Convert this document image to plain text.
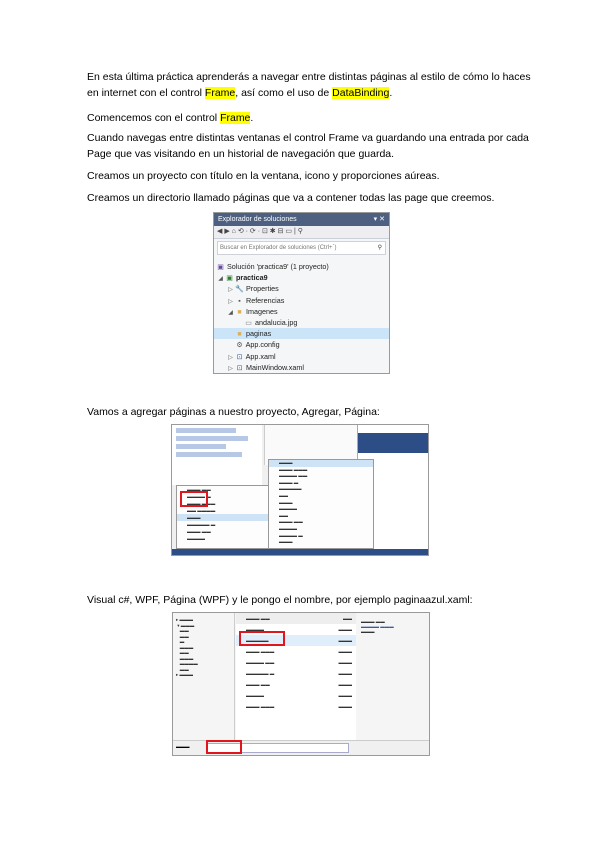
En esta última práctica aprenderás a navegar entre distintas páginas al estilo de cómo lo haces en internet con el control Frame, así como el uso de DataBinding.

Comencemos con el control Frame.

Cuando navegas entre distintas ventanas el control Frame va guardando una entrada por cada Page que vas visitando en un historial de navegación que guarda.

Creamos un proyecto con título en la ventana, icono y proporciones aúreas.

Creamos un directorio llamado páginas que va a contener todas las page que creemos.

Explorador de soluciones	▾ ✕
◀ ▶ ⌂ ⟲ · ⟳ · ⊡ ✱ ⊟ ▭ | ⚲
Buscar en Explorador de soluciones (Ctrl+`)	⚲
▣ Solución 'practica9' (1 proyecto)
◢ ▣ practica9
▷ 🔧 Properties
▷ ▪ Referencias
◢ ■ Imagenes
▭ andalucia.jpg
■ paginas
⚙ App.config
▷ ⊡ App.xaml
▷ ⊡ MainWindow.xaml

Vamos a agregar páginas a nuestro proyecto, Agregar, Página:

▬▬▬ ▬▬
▬▬▬▬ ▬
▬▬▬ ▬▬▬
▬▬ ▬▬▬▬
▬▬▬
▬▬▬▬▬ ▬
▬▬▬ ▬▬
▬▬▬▬
▬▬▬
▬▬▬ ▬▬▬
▬▬▬▬ ▬▬
▬▬▬ ▬
▬▬▬▬▬
▬▬
▬▬▬
▬▬▬▬
▬▬
▬▬▬ ▬▬
▬▬▬▬
▬▬▬▬ ▬
▬▬▬

Visual c#, WPF, Página (WPF) y le pongo el nombre, por ejemplo paginaazul.xaml:

▸ ▬▬▬
▾ ▬▬▬
▬▬
▬▬
▬
▬▬▬
▬▬
▬▬▬
▬▬▬▬
▬▬
▸ ▬▬▬
▬▬▬ ▬▬	▬▬
▬▬▬▬	▬▬▬
▬▬▬▬▬	▬▬▬
▬▬▬ ▬▬▬	▬▬▬
▬▬▬▬ ▬▬	▬▬▬
▬▬▬▬▬ ▬	▬▬▬
▬▬▬ ▬▬	▬▬▬
▬▬▬▬	▬▬▬
▬▬▬ ▬▬▬	▬▬▬
▬▬▬ ▬▬
▬▬▬▬ ▬▬▬
▬▬▬
▬▬▬
